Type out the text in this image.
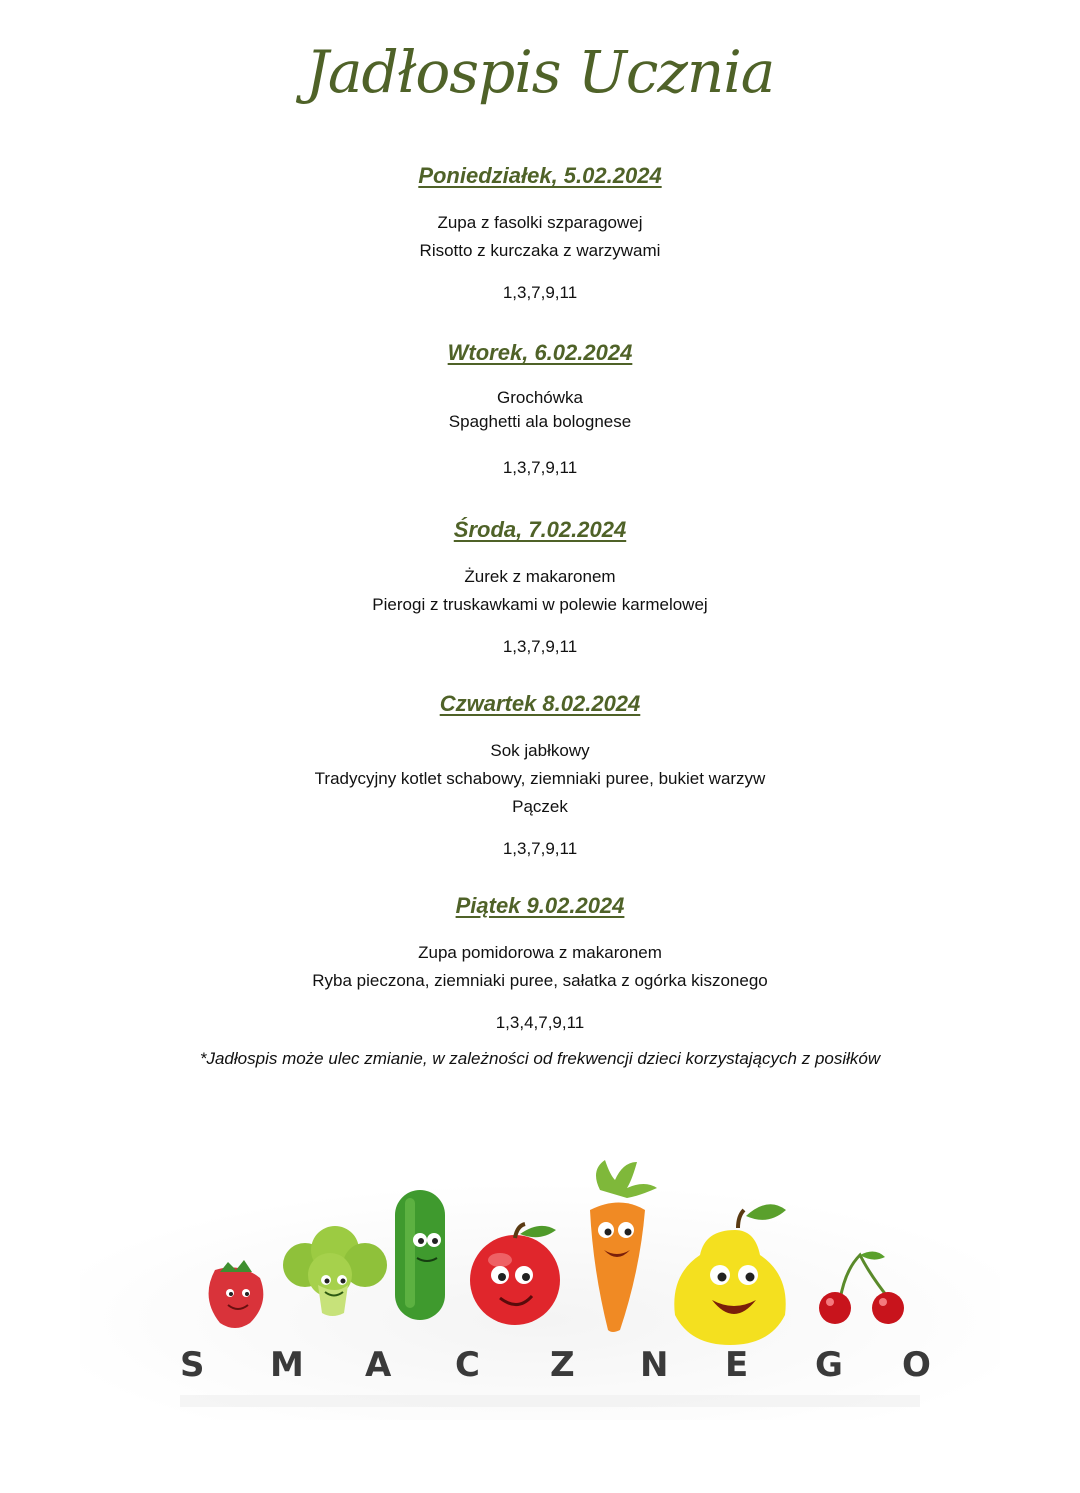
Jadłospis Ucznia
Poniedziałek, 5.02.2024
Zupa z fasolki szparagowej
Risotto z kurczaka z warzywami
1,3,7,9,11
Wtorek, 6.02.2024
Grochówka
Spaghetti ala bolognese
1,3,7,9,11
Środa, 7.02.2024
Żurek z makaronem
Pierogi z truskawkami w polewie karmelowej
1,3,7,9,11
Czwartek 8.02.2024
Sok jabłkowy
Tradycyjny kotlet schabowy, ziemniaki puree, bukiet warzyw
Pączek
1,3,7,9,11
Piątek 9.02.2024
Zupa pomidorowa z makaronem
Ryba pieczona, ziemniaki puree, sałatka z ogórka kiszonego
1,3,4,7,9,11
*Jadłospis może ulec zmianie, w zależności od frekwencji dzieci korzystających z posiłków
S M A C Z N E G O
